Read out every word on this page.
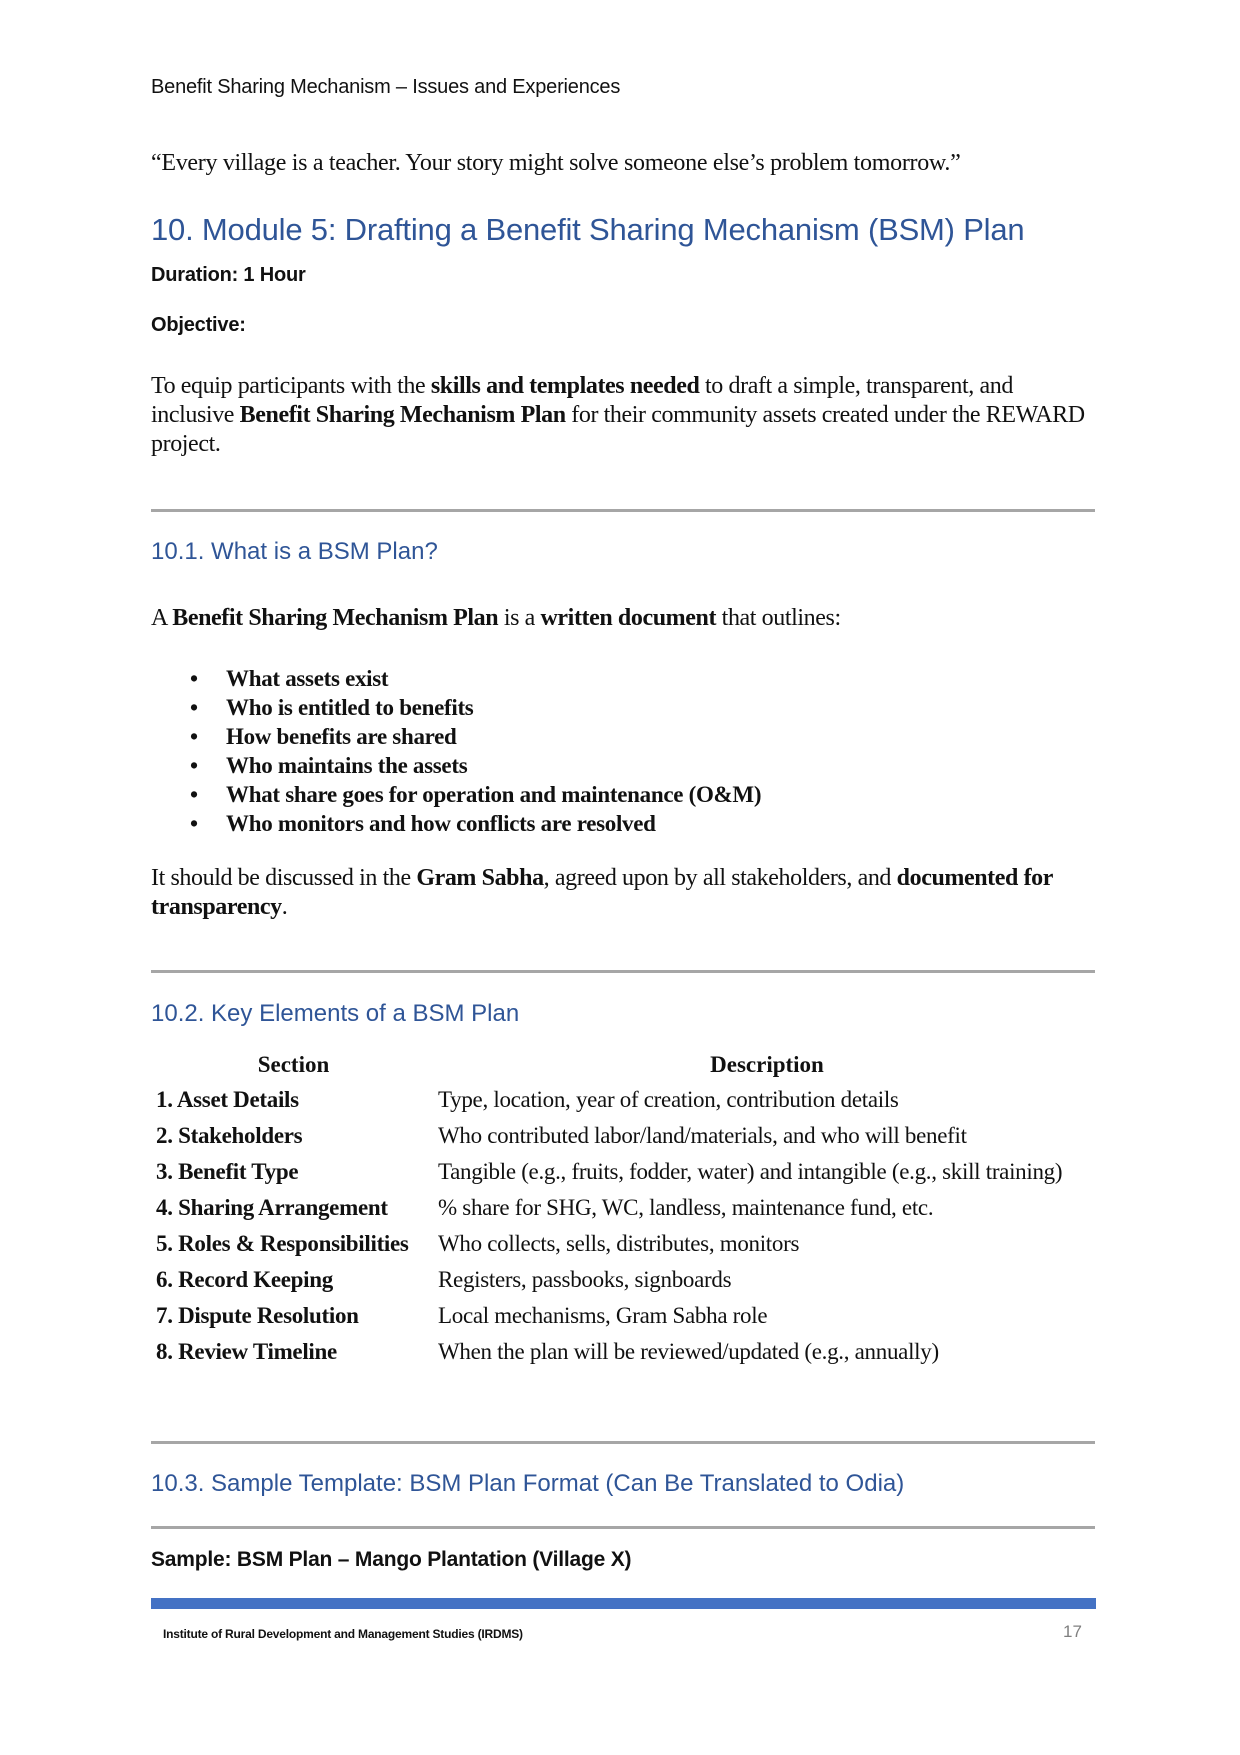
Benefit Sharing Mechanism – Issues and Experiences
“Every village is a teacher. Your story might solve someone else’s problem tomorrow.”
10. Module 5: Drafting a Benefit Sharing Mechanism (BSM) Plan
Duration: 1 Hour
Objective:
To equip participants with the skills and templates needed to draft a simple, transparent, and inclusive Benefit Sharing Mechanism Plan for their community assets created under the REWARD project.
10.1. What is a BSM Plan?
A Benefit Sharing Mechanism Plan is a written document that outlines:
• What assets exist
• Who is entitled to benefits
• How benefits are shared
• Who maintains the assets
• What share goes for operation and maintenance (O&M)
• Who monitors and how conflicts are resolved
It should be discussed in the Gram Sabha, agreed upon by all stakeholders, and documented for transparency.
10.2. Key Elements of a BSM Plan
Section	Description
1. Asset Details	Type, location, year of creation, contribution details
2. Stakeholders	Who contributed labor/land/materials, and who will benefit
3. Benefit Type	Tangible (e.g., fruits, fodder, water) and intangible (e.g., skill training)
4. Sharing Arrangement	% share for SHG, WC, landless, maintenance fund, etc.
5. Roles & Responsibilities	Who collects, sells, distributes, monitors
6. Record Keeping	Registers, passbooks, signboards
7. Dispute Resolution	Local mechanisms, Gram Sabha role
8. Review Timeline	When the plan will be reviewed/updated (e.g., annually)
10.3. Sample Template: BSM Plan Format (Can Be Translated to Odia)
Sample: BSM Plan – Mango Plantation (Village X)
Institute of Rural Development and Management Studies (IRDMS)	17
